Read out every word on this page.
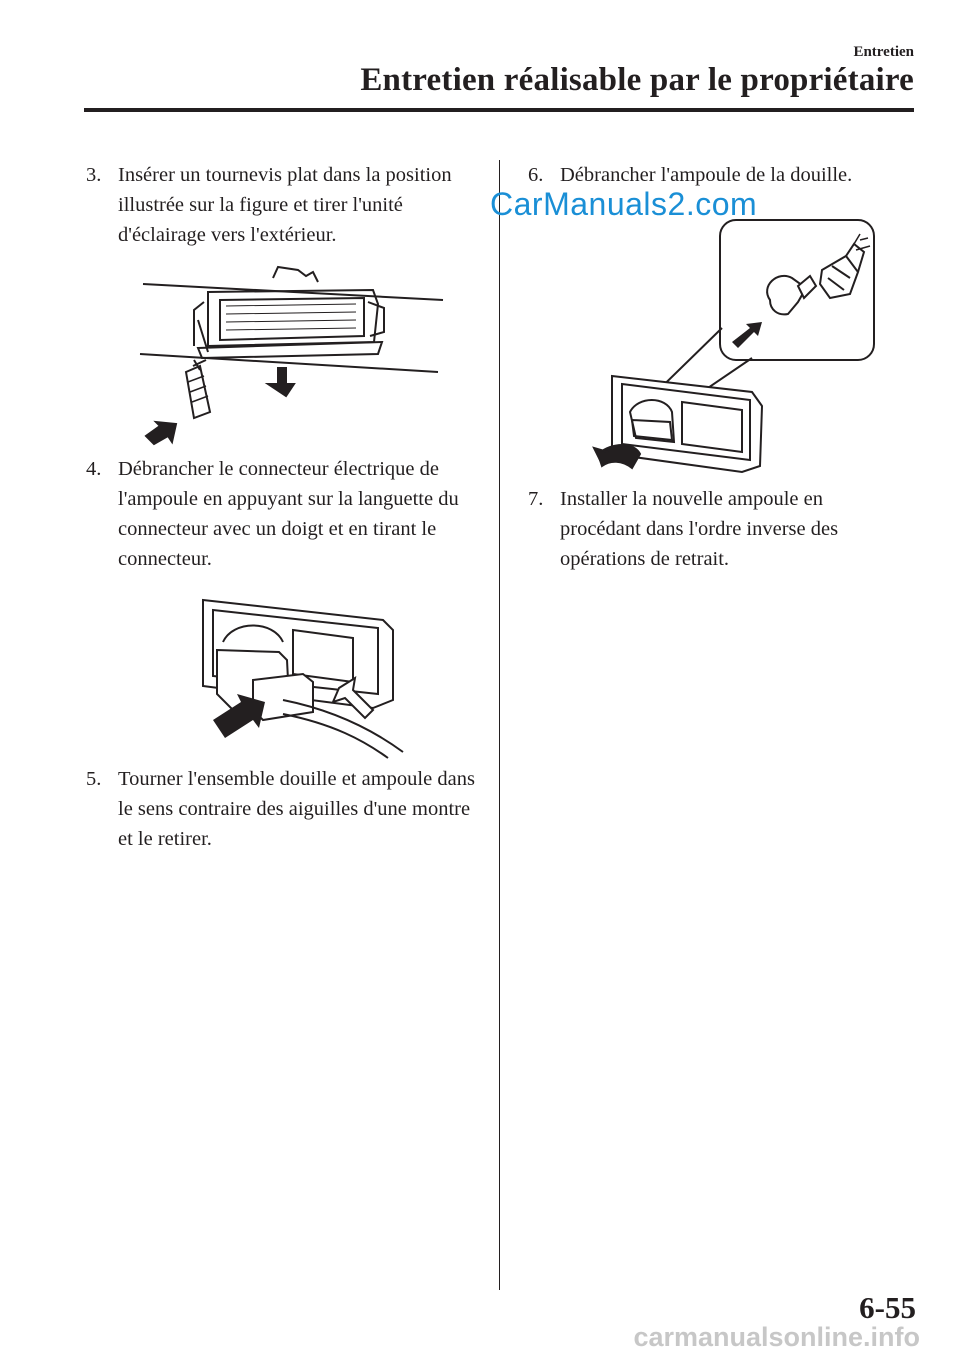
Entretien
Entretien réalisable par le propriétaire
3. Insérer un tournevis plat dans la position illustrée sur la figure et tirer l'unité d'éclairage vers l'extérieur.
4. Débrancher le connecteur électrique de l'ampoule en appuyant sur la languette du connecteur avec un doigt et en tirant le connecteur.
5. Tourner l'ensemble douille et ampoule dans le sens contraire des aiguilles d'une montre et le retirer.
6. Débrancher l'ampoule de la douille.
7. Installer la nouvelle ampoule en procédant dans l'ordre inverse des opérations de retrait.
CarManuals2.com
6-55
carmanualsonline.info
